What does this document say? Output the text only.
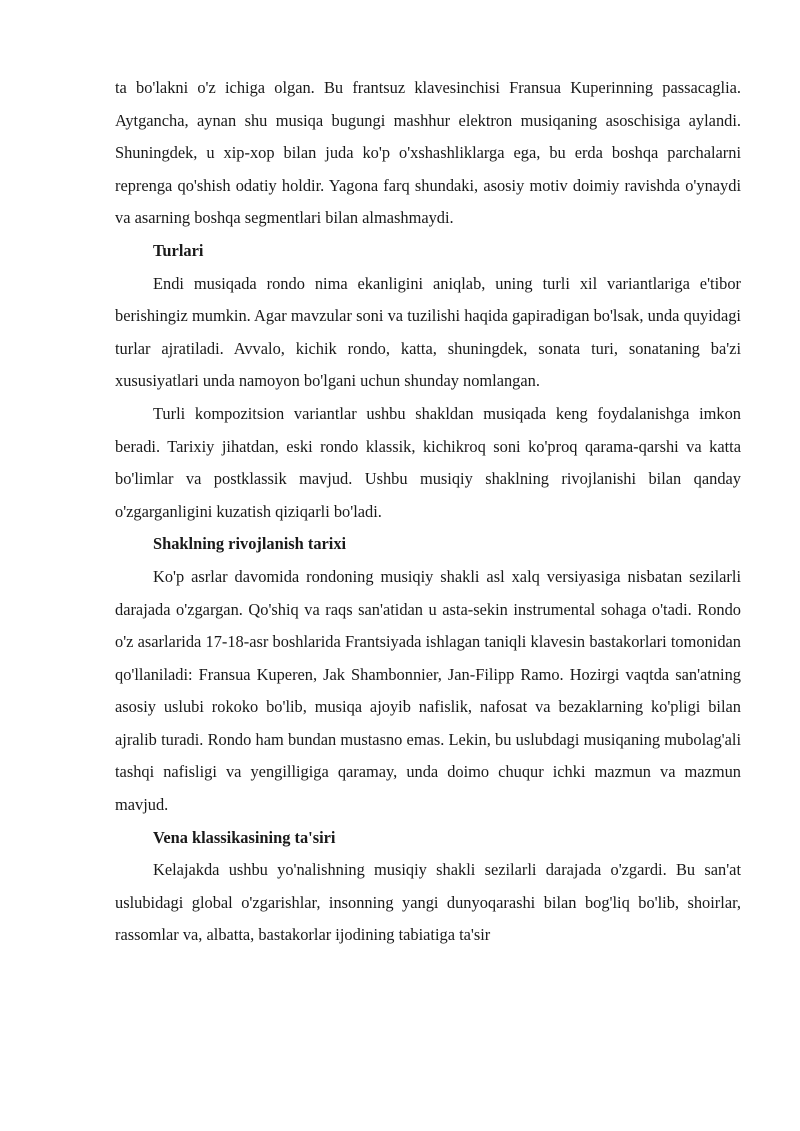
ta bo'lakni o'z ichiga olgan. Bu frantsuz klavesinchisi Fransua Kuperinning passacaglia. Aytgancha, aynan shu musiqa bugungi mashhur elektron musiqaning asoschisiga aylandi. Shuningdek, u xip-xop bilan juda ko'p o'xshashliklarga ega, bu erda boshqa parchalarni reprenga qo'shish odatiy holdir. Yagona farq shundaki, asosiy motiv doimiy ravishda o'ynaydi va asarning boshqa segmentlari bilan almashmaydi.

Turlari

Endi musiqada rondo nima ekanligini aniqlab, uning turli xil variantlariga e'tibor berishingiz mumkin. Agar mavzular soni va tuzilishi haqida gapiradigan bo'lsak, unda quyidagi turlar ajratiladi. Avvalo, kichik rondo, katta, shuningdek, sonata turi, sonataning ba'zi xususiyatlari unda namoyon bo'lgani uchun shunday nomlangan.

Turli kompozitsion variantlar ushbu shakldan musiqada keng foydalanishga imkon beradi. Tarixiy jihatdan, eski rondo klassik, kichikroq soni ko'proq qarama-qarshi va katta bo'limlar va postklassik mavjud. Ushbu musiqiy shaklning rivojlanishi bilan qanday o'zgarganligini kuzatish qiziqarli bo'ladi.

Shaklning rivojlanish tarixi

Ko'p asrlar davomida rondoning musiqiy shakli asl xalq versiyasiga nisbatan sezilarli darajada o'zgargan. Qo'shiq va raqs san'atidan u asta-sekin instrumental sohaga o'tadi. Rondo o'z asarlarida 17-18-asr boshlarida Frantsiyada ishlagan taniqli klavesin bastakorlari tomonidan qo'llaniladi: Fransua Kuperen, Jak Shambonnier, Jan-Filipp Ramo. Hozirgi vaqtda san'atning asosiy uslubi rokoko bo'lib, musiqa ajoyib nafislik, nafosat va bezaklarning ko'pligi bilan ajralib turadi. Rondo ham bundan mustasno emas. Lekin, bu uslubdagi musiqaning mubolag'ali tashqi nafisligi va yengilligiga qaramay, unda doimo chuqur ichki mazmun va mazmun mavjud.

Vena klassikasining ta'siri

Kelajakda ushbu yo'nalishning musiqiy shakli sezilarli darajada o'zgardi. Bu san'at uslubidagi global o'zgarishlar, insonning yangi dunyoqarashi bilan bog'liq bo'lib, shoirlar, rassomlar va, albatta, bastakorlar ijodining tabiatiga ta'sir
